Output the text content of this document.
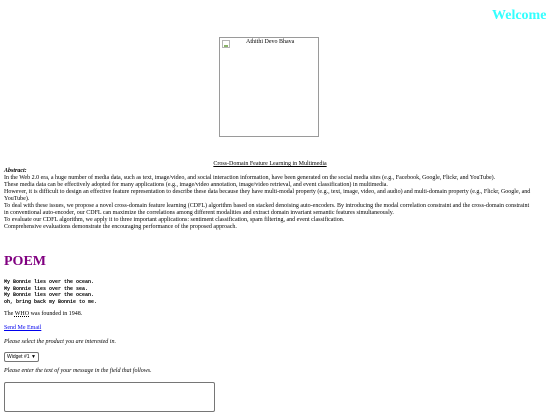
Welcome
Athithi Devo Bhava
Cross-Domain Feature Learning in Multimedia
Abstract:

In the Web 2.0 era, a huge number of media data, such as text, image/video, and social interaction information, have been generated on the social media sites (e.g., Facebook, Google, Flickr, and YouTube).

These media data can be effectively adopted for many applications (e.g., image/video annotation, image/video retrieval, and event classification) in multimedia.

However, it is difficult to design an effective feature representation to describe these data because they have multi-modal property (e.g., text, image, video, and audio) and multi-domain property (e.g., Flickr, Google, and YouTube).

To deal with these issues, we propose a novel cross-domain feature learning (CDFL) algorithm based on stacked denoising auto-encoders. By introducing the modal correlation constraint and the cross-domain constraint in conventional auto-encoder, our CDFL can maximize the correlations among different modalities and extract domain invariant semantic features simultaneously.

To evaluate our CDFL algorithm, we apply it to three important applications: sentiment classification, spam filtering, and event classification.

Comprehensive evaluations demonstrate the encouraging performance of the proposed approach.

POEM
My Bonnie lies over the ocean.
My Bonnie lies over the sea.
My Bonnie lies over the ocean.
oh, bring back my Bonnie to me.

The WHO was founded in 1948.

Send Me Email

Please select the product you are interested in.

Widget #1 ▼

Please enter the text of your message in the field that follows.
